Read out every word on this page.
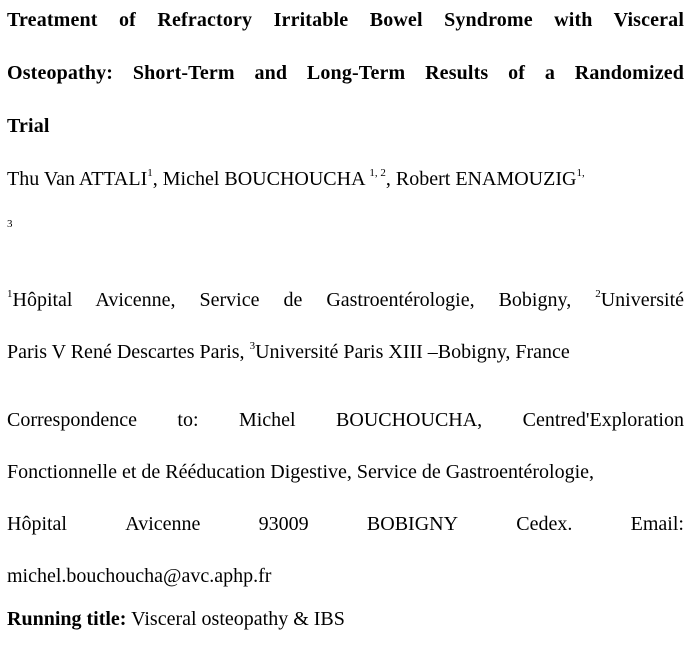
Treatment of Refractory Irritable Bowel Syndrome with Visceral
Osteopathy: Short-Term and Long-Term Results of a Randomized
Trial
Thu Van ATTALI$^1$, Michel BOUCHOUCHA $^{1, 2}$, Robert $ENAMOUZIG^{1,}$
3
$^1$Hôpital Avicenne, Service de Gastroentérologie, Bobigny, $^2$Université
Paris V René Descartes Paris, $^3$Université Paris XIII –Bobigny, France
Correspondence to: Michel BOUCHOUCHA, Centred'Exploration
Fonctionnelle et de Rééducation Digestive, Service de Gastroentérologie,
Hôpital	Avicenne	93009	BOBIGNY	Cedex.	Email:
michel.bouchoucha@avc.aphp.fr
Running title: Visceral osteopathy & IBS
